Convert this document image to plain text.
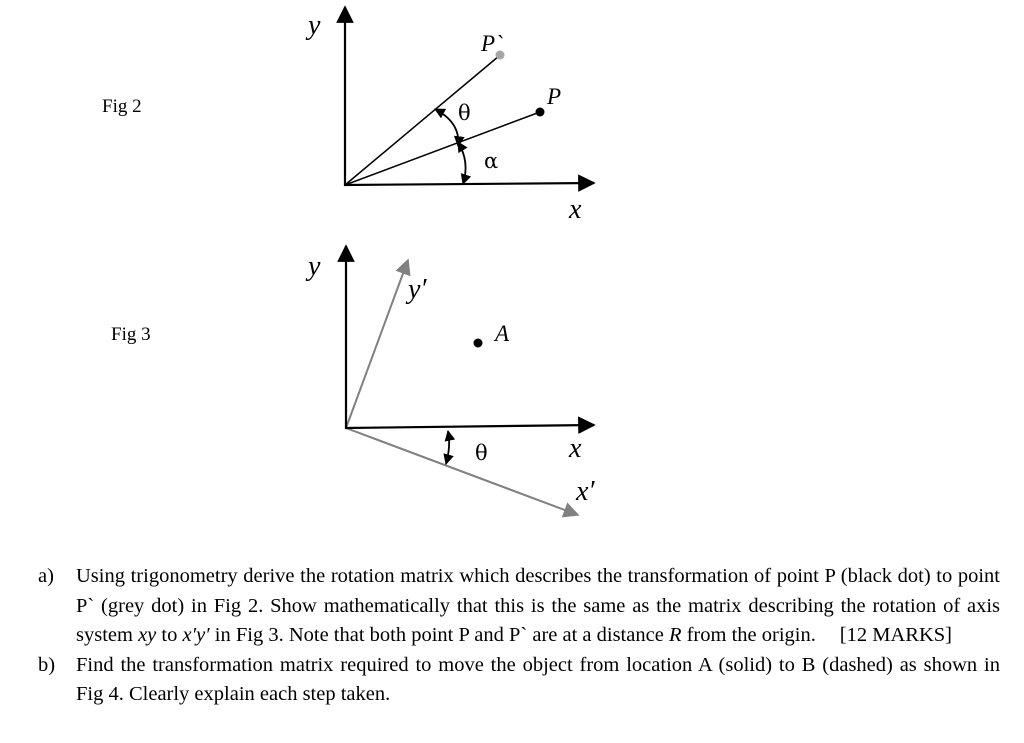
Fig 2
Fig 3
y
x
P`
P
θ
α
y
y′
A
θ	x
x′
a) Using trigonometry derive the rotation matrix which describes the transformation of point P (black dot) to point P` (grey dot) in Fig 2. Show mathematically that this is the same as the matrix describing the rotation of axis system xy to x′y′ in Fig 3. Note that both point P and P` are at a distance R from the origin.	[12 MARKS]
b) Find the transformation matrix required to move the object from location A (solid) to B (dashed) as shown in Fig 4. Clearly explain each step taken.
